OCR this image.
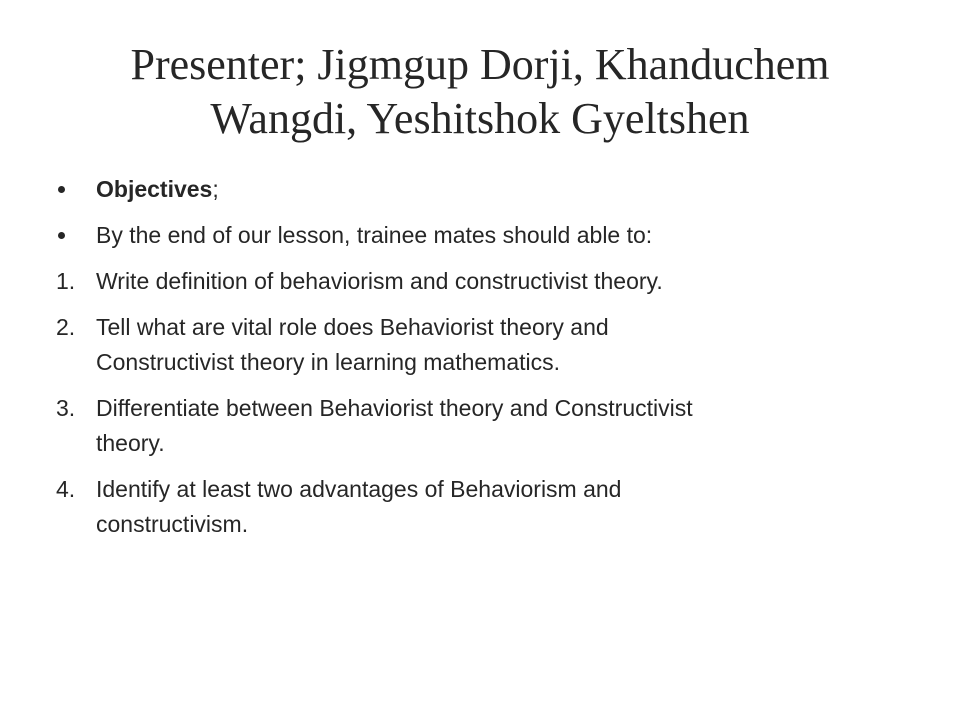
Presenter; Jigmgup Dorji, Khanduchem
Wangdi, Yeshitshok Gyeltshen
Objectives;
By the end of our lesson, trainee mates should able to:
1. Write definition of behaviorism and constructivist theory.
2. Tell what are vital role does Behaviorist theory and
Constructivist theory in learning mathematics.
3. Differentiate between Behaviorist theory and Constructivist
theory.
4. Identify at least two advantages of Behaviorism and
constructivism.
